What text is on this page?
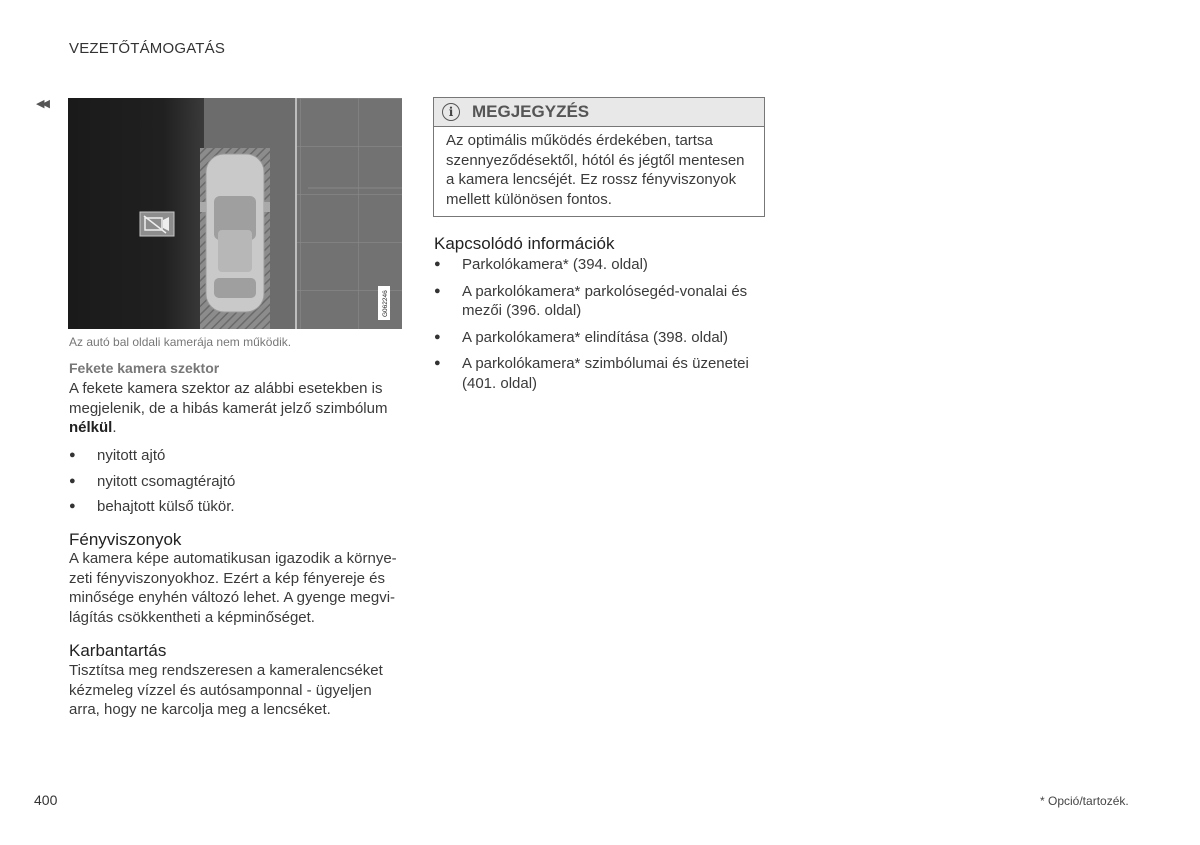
VEZETŐTÁMOGATÁS
◀◀
G062246
Az autó bal oldali kamerája nem működik.
Fekete kamera szektor
A fekete kamera szektor az alábbi esetekben is megjelenik, de a hibás kamerát jelző szimbólum nélkül.
● nyitott ajtó
● nyitott csomagtérajtó
● behajtott külső tükör.
Fényviszonyok
A kamera képe automatikusan igazodik a környe-zeti fényviszonyokhoz. Ezért a kép fényereje és minősége enyhén változó lehet. A gyenge megvi-lágítás csökkentheti a képminőséget.
Karbantartás
Tisztítsa meg rendszeresen a kameralencséket kézmeleg vízzel és autósamponnal - ügyeljen arra, hogy ne karcolja meg a lencséket.
i	MEGJEGYZÉS
Az optimális működés érdekében, tartsa szennyeződésektől, hótól és jégtől mentesen a kamera lencséjét. Ez rossz fényviszonyok mellett különösen fontos.
Kapcsolódó információk
● Parkolókamera* (394. oldal)
● A parkolókamera* parkolósegéd-vonalai és mezői (396. oldal)
● A parkolókamera* elindítása (398. oldal)
● A parkolókamera* szimbólumai és üzenetei (401. oldal)
400	* Opció/tartozék.
